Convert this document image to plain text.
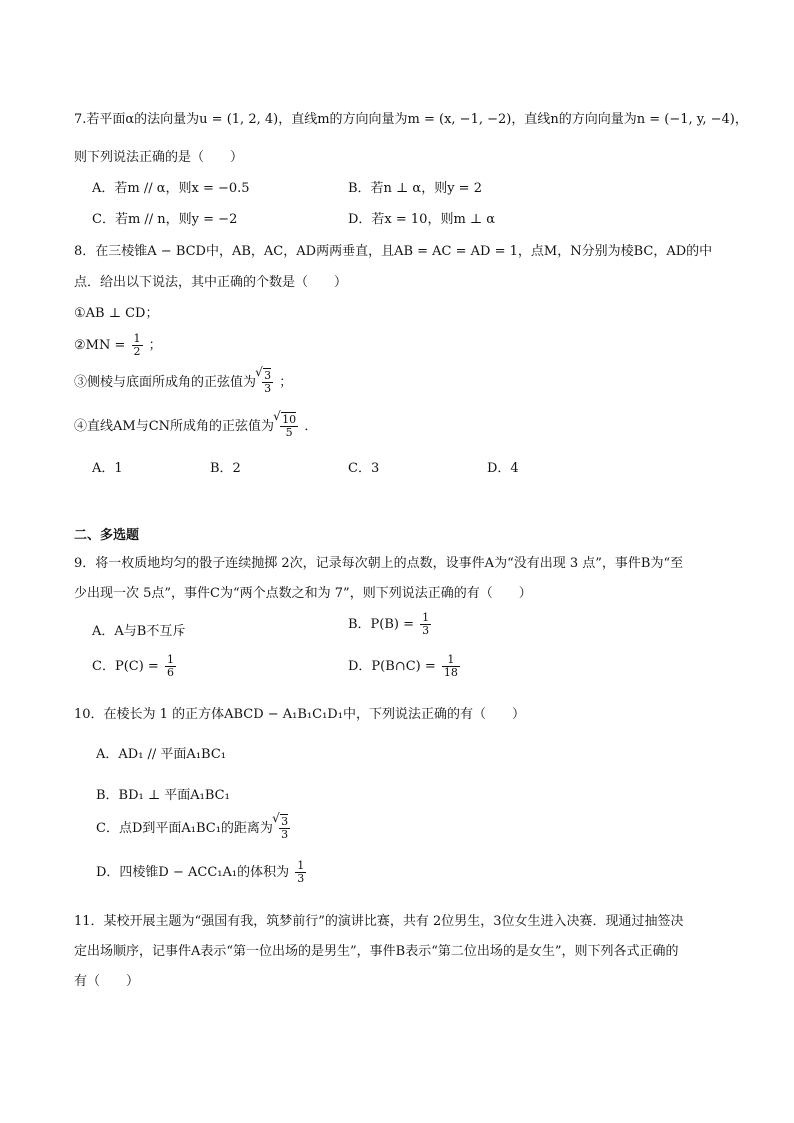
7.若平面α的法向量为u = (1, 2, 4)，直线m的方向向量为m = (x, −1, −2)，直线n的方向向量为n = (−1, y, −4)，
则下列说法正确的是（　　）
A．若m // α，则x = −0.5	B．若n ⊥ α，则y = 2
C．若m // n，则y = −2	D．若x = 10，则m ⊥ α
8．在三棱锥A − BCD中，AB，AC，AD两两垂直，且AB = AC = AD = 1，点M，N分别为棱BC，AD的中
点．给出以下说法，其中正确的个数是（　　）
①AB ⊥ CD；
②MN = $\frac{1}{2}$ ；
③侧棱与底面所成角的正弦值为 √ $\frac{3}{3}$ ；
④直线AM与CN所成角的正弦值为 √ $\frac{10}{5}$ ．
A．1	B．2	C．3	D．4
二、多选题
9．将一枚质地均匀的骰子连续抛掷 2次，记录每次朝上的点数，设事件A为“没有出现 3 点”，事件B为“至
少出现一次 5点”，事件C为“两个点数之和为 7”，则下列说法正确的有（　　）
A．A与B不互斥	B．$P(B) = \frac{1}{3}$
C．$P(C) = \frac{1}{6}$	D．P(B∩C) = $\frac{1}{18}$
10．在棱长为 1 的正方体ABCD − A₁B₁C₁D₁中，下列说法正确的有（　　）
A．AD₁ // 平面A₁BC₁
B．BD₁ ⊥ 平面A₁BC₁
C．点D到平面A₁BC₁的距离为 √ $\frac{3}{3}$
D．四棱锥D − ACC₁A₁的体积为 $\frac{1}{3}$
11．某校开展主题为“强国有我，筑梦前行”的演讲比赛，共有 2位男生，3位女生进入决赛．现通过抽签决
定出场顺序，记事件A表示“第一位出场的是男生”，事件B表示“第二位出场的是女生”，则下列各式正确的
有（　　）
